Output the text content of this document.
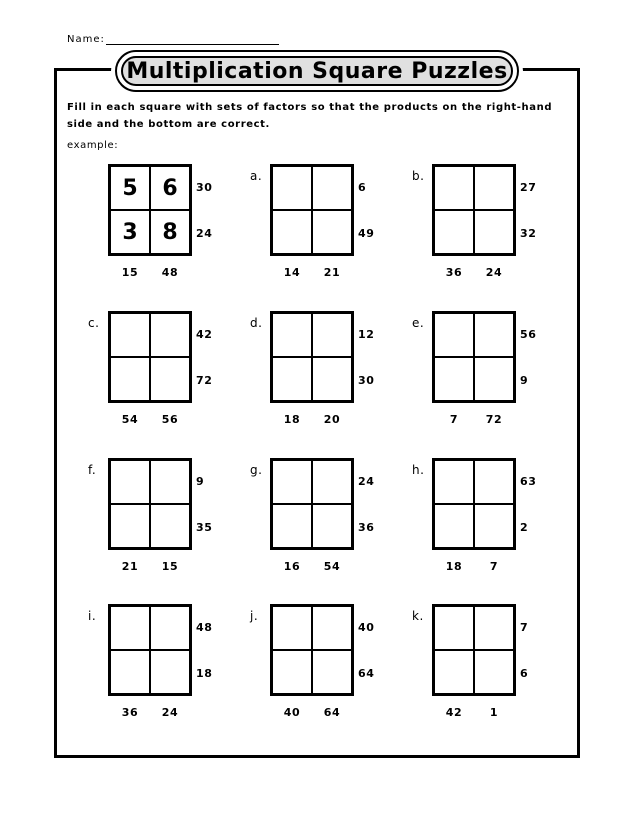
Name:
Multiplication Square Puzzles
Fill in each square with sets of factors so that the products on the right-hand side and the bottom are correct.
example:
5	6
3	8
30
24
15	48
a.
6
49
14	21
b.
27
32
36	24
c.
42
72
54	56
d.
12
30
18	20
e.
56
9
7	72
f.
9
35
21	15
g.
24
36
16	54
h.
63
2
18	7
i.
48
18
36	24
j.
40
64
40	64
k.
7
6
42	1
